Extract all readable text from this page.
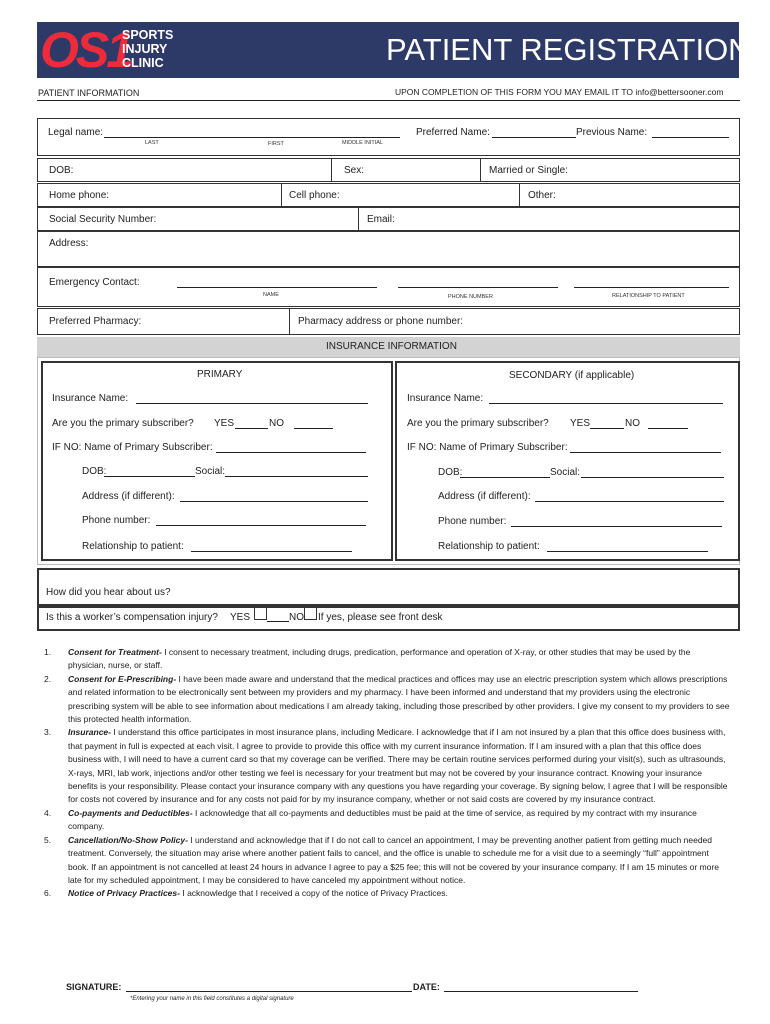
OS1
SPORTS
INJURY
CLINIC	PATIENT REGISTRATION
PATIENT INFORMATION	UPON COMPLETION OF THIS FORM YOU MAY EMAIL IT TO info@bettersooner.com
Legal name:
LAST	FIRST	MIDDLE INITIAL
Preferred Name:	Previous Name:
DOB:	Sex:	Married or Single:
Home phone:	Cell phone:	Other:
Social Security Number:	Email:
Address:
Emergency Contact:
NAME	PHONE NUMBER	RELATIONSHIP TO PATIENT
Preferred Pharmacy:	Pharmacy address or phone number:
INSURANCE INFORMATION
PRIMARY	SECONDARY (if applicable)
Insurance Name:
Are you the primary subscriber? YES	NO
IF NO: Name of Primary Subscriber:
DOB:	Social:
Address (if different):
Phone number:
Relationship to patient:
Insurance Name:
Are you the primary subscriber? YES	NO
IF NO: Name of Primary Subscriber:
DOB:	Social:
Address (if different):
Phone number:
Relationship to patient:
How did you hear about us?
Is this a worker’s compensation injury? YES	NO If yes, please see front desk
1. Consent for Treatment- I consent to necessary treatment, including drugs, predication, performance and operation of X-ray, or other studies that may be used by the physician, nurse, or staff.
2. Consent for E-Prescribing- I have been made aware and understand that the medical practices and offices may use an electric prescription system which allows prescriptions and related information to be electronically sent between my providers and my pharmacy. I have been informed and understand that my providers using the electronic prescribing system will be able to see information about medications I am already taking, including those prescribed by other providers. I give my consent to my providers to see this protected health information.
3. Insurance- I understand this office participates in most insurance plans, including Medicare. I acknowledge that if I am not insured by a plan that this office does business with, that payment in full is expected at each visit. I agree to provide to provide this office with my current insurance information. If I am insured with a plan that this office does business with, I will need to have a current card so that my coverage can be verified. There may be certain routine services performed during your visit(s), such as ultrasounds, X-rays, MRI, lab work, injections and/or other testing we feel is necessary for your treatment but may not be covered by your insurance contract. Knowing your insurance benefits is your responsibility. Please contact your insurance company with any questions you have regarding your coverage. By signing below, I agree that I will be responsible for costs not covered by insurance and for any costs not paid for by my insurance company, whether or not said costs are covered by my insurance contract.
4. Co-payments and Deductibles- I acknowledge that all co-payments and deductibles must be paid at the time of service, as required by my contract with my insurance company.
5. Cancellation/No-Show Policy- I understand and acknowledge that if I do not call to cancel an appointment, I may be preventing another patient from getting much needed treatment. Conversely, the situation may arise where another patient fails to cancel, and the office is unable to schedule me for a visit due to a seemingly “full” appointment book. If an appointment is not cancelled at least 24 hours in advance I agree to pay a $25 fee; this will not be covered by your insurance company. If I am 15 minutes or more late for my scheduled appointment, I may be considered to have canceled my appointment without notice.
6. Notice of Privacy Practices- I acknowledge that I received a copy of the notice of Privacy Practices.
SIGNATURE:	DATE:
*Entering your name in this field constitutes a digital signature
